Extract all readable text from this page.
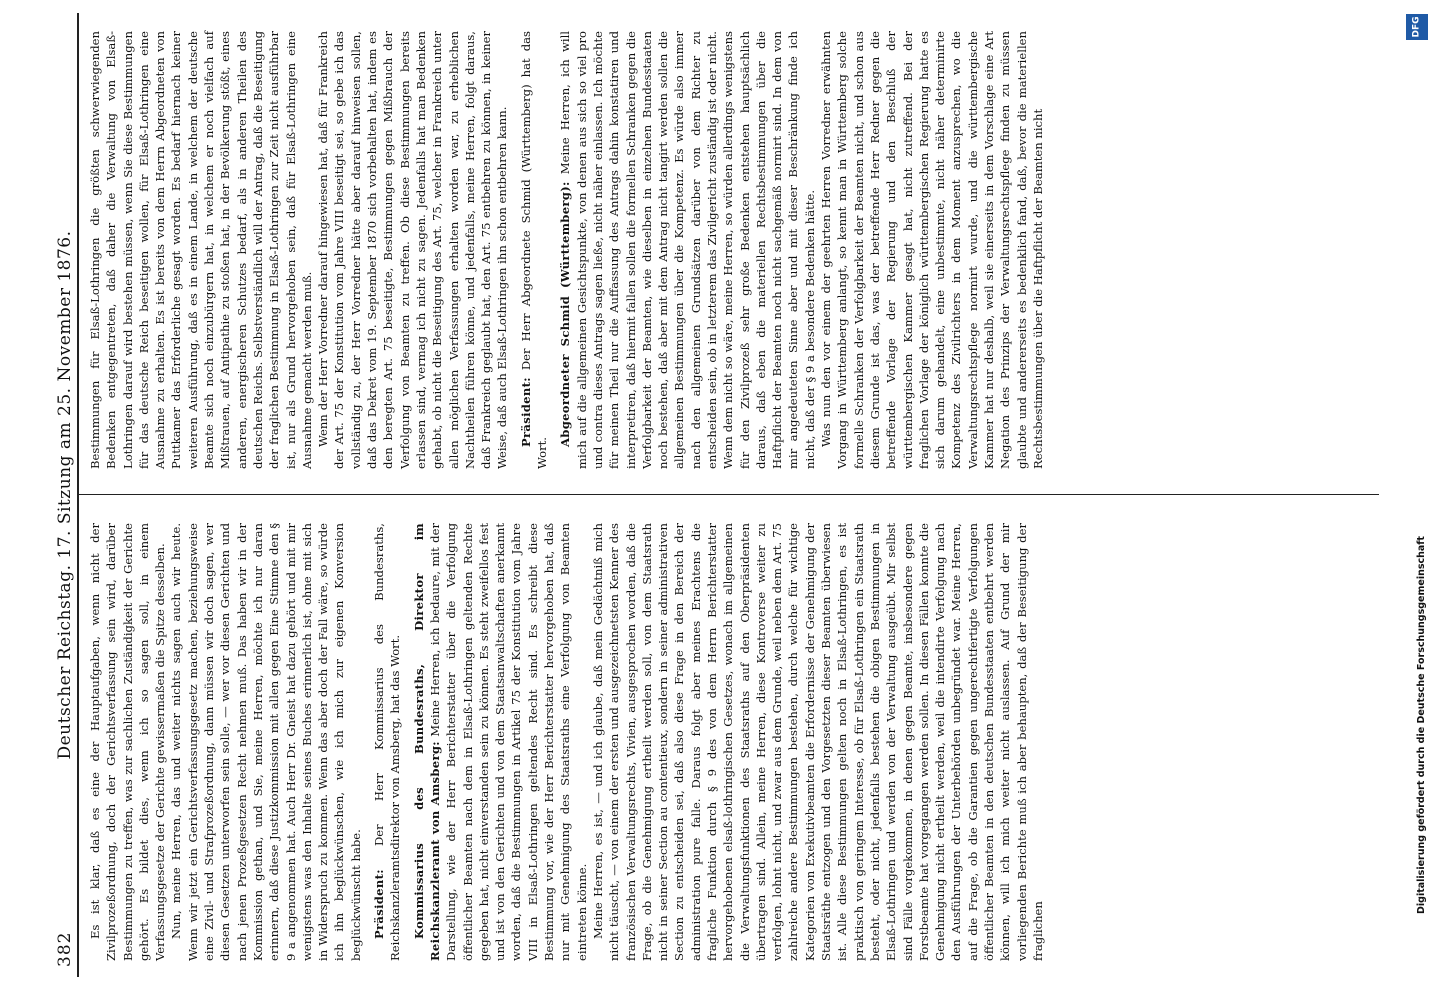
382
Deutscher Reichstag. 17. Sitzung am 25. November 1876. Es ist klar, daß es eine der Hauptaufgaben, wenn nicht der Zivilprozeßordnung, doch der Gerichtsverfassung sein wird, darüber Bestimmungen zu treffen, was zur sachlichen Zuständigkeit der Gerichte gehört. Es bildet dies, wenn ich so sagen soll, in einem Verfassungsgesetze der Gerichte gewissermaßen die Spitze desselben. Nun, meine Herren, das und weiter nichts sagen auch wir heute. Wenn wir jetzt ein Gerichtsverfassungsgesetz machen, beziehungsweise eine Zivil- und Strafprozeßordnung, dann müssen wir doch sagen, wer diesen Gesetzen unterworfen sein solle, — wer vor diesen Gerichten und nach jenen Prozeßgesetzen Recht nehmen muß. Das haben wir in der Kommission gethan, und Sie, meine Herren, möchte ich nur daran erinnern, daß diese Justizkommission mit allen gegen Eine Stimme den § 9 a angenommen hat. Auch Herr Dr. Gneist hat dazu gehört und mit mir wenigstens was den Inhalte seines Buches erinnerlich ist, ohne mit sich in Widerspruch zu kommen. Wenn das aber doch der Fall wäre, so würde ich ihn beglückwünschen, wie ich mich zur eigenen Konversion beglückwünscht habe. Präsident: Der Herr Kommissarius des Bundesraths, Reichskanzleramtsdirektor von Amsberg, hat das Wort. Kommissarius des Bundesraths, Direktor im Reichskanzleramt von Amsberg: Meine Herren, ich bedaure, mit der Darstellung, wie der Herr Berichterstatter über die Verfolgung öffentlicher Beamten nach dem in Elsaß-Lothringen geltenden Rechte gegeben hat, nicht einverstanden sein zu können. Es steht zweifellos fest und ist von den Gerichten und von dem Staatsanwaltschaften anerkannt worden, daß die Bestimmungen in Artikel 75 der Konstitution vom Jahre VIII in Elsaß-Lothringen geltendes Recht sind. Es schreibt diese Bestimmung vor, wie der Herr Berichterstatter hervorgehoben hat, daß nur mit Genehmigung des Staatsraths eine Verfolgung von Beamten eintreten könne. Meine Herren, es ist, — und ich glaube, daß mein Gedächtniß mich nicht täuscht, — von einem der ersten und ausgezeichnetsten Kenner des französischen Verwaltungsrechts, Vivien, ausgesprochen worden, daß die Frage, ob die Genehmigung ertheilt werden soll, von dem Staatsrath nicht in seiner Section au contentieux, sondern in seiner administrativen Section zu entscheiden sei, daß also diese Frage in den Bereich der administration pure falle. Daraus folgt aber meines Erachtens die fragliche Funktion durch § 9 des von dem Herrn Berichterstatter hervorgehobenen elsaß-lothringischen Gesetzes, wonach im allgemeinen die Verwaltungsfunktionen des Staatsraths auf den Oberpräsidenten übertragen sind. Allein, meine Herren, diese Kontroverse weiter zu verfolgen, lohnt nicht, und zwar aus dem Grunde, weil neben dem Art. 75 zahlreiche andere Bestimmungen bestehen, durch welche für wichtige Kategorien von Exekutivbeamten die Erfordernisse der Genehmigung der Staatsräthe entzogen und den Vorgesetzten dieser Beamten überwiesen ist. Alle diese Bestimmungen gelten noch in Elsaß-Lothringen, es ist praktisch von geringem Interesse, ob für Elsaß-Lothringen ein Staatsrath besteht, oder nicht, jedenfalls bestehen die obigen Bestimmungen in Elsaß-Lothringen und werden von der Verwaltung ausgeübt. Mir selbst sind Fälle vorgekommen, in denen gegen Beamte, insbesondere gegen Forstbeamte hat vorgegangen werden sollen. In diesen Fällen konnte die Genehmigung nicht ertheilt werden, weil die intendirte Verfolgung nach den Ausführungen der Unterbehörden unbegründet war. Meine Herren, auf die Frage, ob die Garantien gegen ungerechtfertigte Verfolgungen öffentlicher Beamten in den deutschen Bundesstaaten entbehrt werden können, will ich mich weiter nicht auslassen. Auf Grund der mir vorliegenden Berichte muß ich aber behaupten, daß der Beseitigung der fraglichen

Bestimmungen für Elsaß-Lothringen die größten schwerwiegenden Bedenken entgegentreten, daß daher die Verwaltung von Elsaß-Lothringen darauf wird bestehen müssen, wenn Sie diese Bestimmungen für das deutsche Reich beseitigen wollen, für Elsaß-Lothringen eine Ausnahme zu erhalten. Es ist bereits von dem Herrn Abgeordneten von Puttkamer das Erforderliche gesagt worden. Es bedarf hiernach keiner weiteren Ausführung, daß es in einem Lande, in welchem der deutsche Beamte sich noch einzubürgern hat, in welchem er noch vielfach auf Mißtrauen, auf Antipathie zu stoßen hat, in der Bevölkerung stößt, eines anderen, energischeren Schutzes bedarf, als in anderen Theilen des deutschen Reichs. Selbstverständlich will der Antrag, daß die Beseitigung der fraglichen Bestimmung in Elsaß-Lothringen zur Zeit nicht ausführbar ist, nur als Grund hervorgehoben sein, daß für Elsaß-Lothringen eine Ausnahme gemacht werden muß. Wenn der Herr Vorredner darauf hingewiesen hat, daß für Frankreich der Art. 75 der Konstitution vom Jahre VIII beseitigt sei, so gebe ich das vollständig zu, der Herr Vorredner hätte aber darauf hinweisen sollen, daß das Dekret vom 19. September 1870 sich vorbehalten hat, indem es den beregten Art. 75 beseitigte, Bestimmungen gegen Mißbrauch der Verfolgung von Beamten zu treffen. Ob diese Bestimmungen bereits erlassen sind, vermag ich nicht zu sagen. Jedenfalls hat man Bedenken gehabt, ob nicht die Beseitigung des Art. 75, welcher in Frankreich unter allen möglichen Verfassungen erhalten worden war, zu erheblichen Nachtheilen führen könne, und jedenfalls, meine Herren, folgt daraus, daß Frankreich geglaubt hat, den Art. 75 entbehren zu können, in keiner Weise, daß auch Elsaß-Lothringen ihn schon entbehren kann. Präsident: Der Herr Abgeordnete Schmid (Württemberg) hat das Wort.

Abgeordneter Schmid (Württemberg): Meine Herren, ich will mich auf die allgemeinen Gesichtspunkte, von denen aus sich so viel pro und contra dieses Antrags sagen ließe, nicht näher einlassen. Ich möchte für meinen Theil nur die Auffassung des Antrags dahin konstatiren und interpretiren, daß hiermit fallen sollen die formellen Schranken gegen die Verfolgbarkeit der Beamten, wie dieselben in einzelnen Bundesstaaten noch bestehen, daß aber mit dem Antrag nicht tangirt werden sollen die allgemeinen Bestimmungen über die Kompetenz. Es würde also immer nach den allgemeinen Grundsätzen darüber von dem Richter zu entscheiden sein, ob in letzterem das Zivilgericht zuständig ist oder nicht. Wenn dem nicht so wäre, meine Herren, so würden allerdings wenigstens für den Zivilprozeß sehr große Bedenken entstehen hauptsächlich daraus, daß eben die materiellen Rechtsbestimmungen über die Haftpflicht der Beamten noch nicht sachgemäß normirt sind. In dem von mir angedeuteten Sinne aber und mit dieser Beschränkung finde ich nicht, daß der § 9 a besondere Bedenken hätte. Was nun den vor einem der geehrten Herren Vorredner erwähnten Vorgang in Württemberg anlangt, so kennt man in Württemberg solche formelle Schranken der Verfolgbarkeit der Beamten nicht, und schon aus diesem Grunde ist das, was der betreffende Herr Redner gegen die betreffende Vorlage der Regierung und den Beschluß der württembergischen Kammer gesagt hat, nicht zutreffend. Bei der fraglichen Vorlage der königlich württembergischen Regierung hatte es sich darum gehandelt, eine unbestimmte, nicht näher determinirte Kompetenz des Zivilrichters in dem Moment anzusprechen, wo die Verwaltungsrechtspflege normirt wurde, und die württembergische Kammer hat nur deshalb, weil sie einerseits in dem Vorschlage eine Art Negation des Prinzips der Verwaltungsrechtspflege finden zu müssen glaubte und andererseits es bedenklich fand, daß, bevor die materiellen Rechtsbestimmungen über die Haftpflicht der Beamten nicht

Digitalisierung gefördert durch die Deutsche Forschungsgemeinschaft
DFG
